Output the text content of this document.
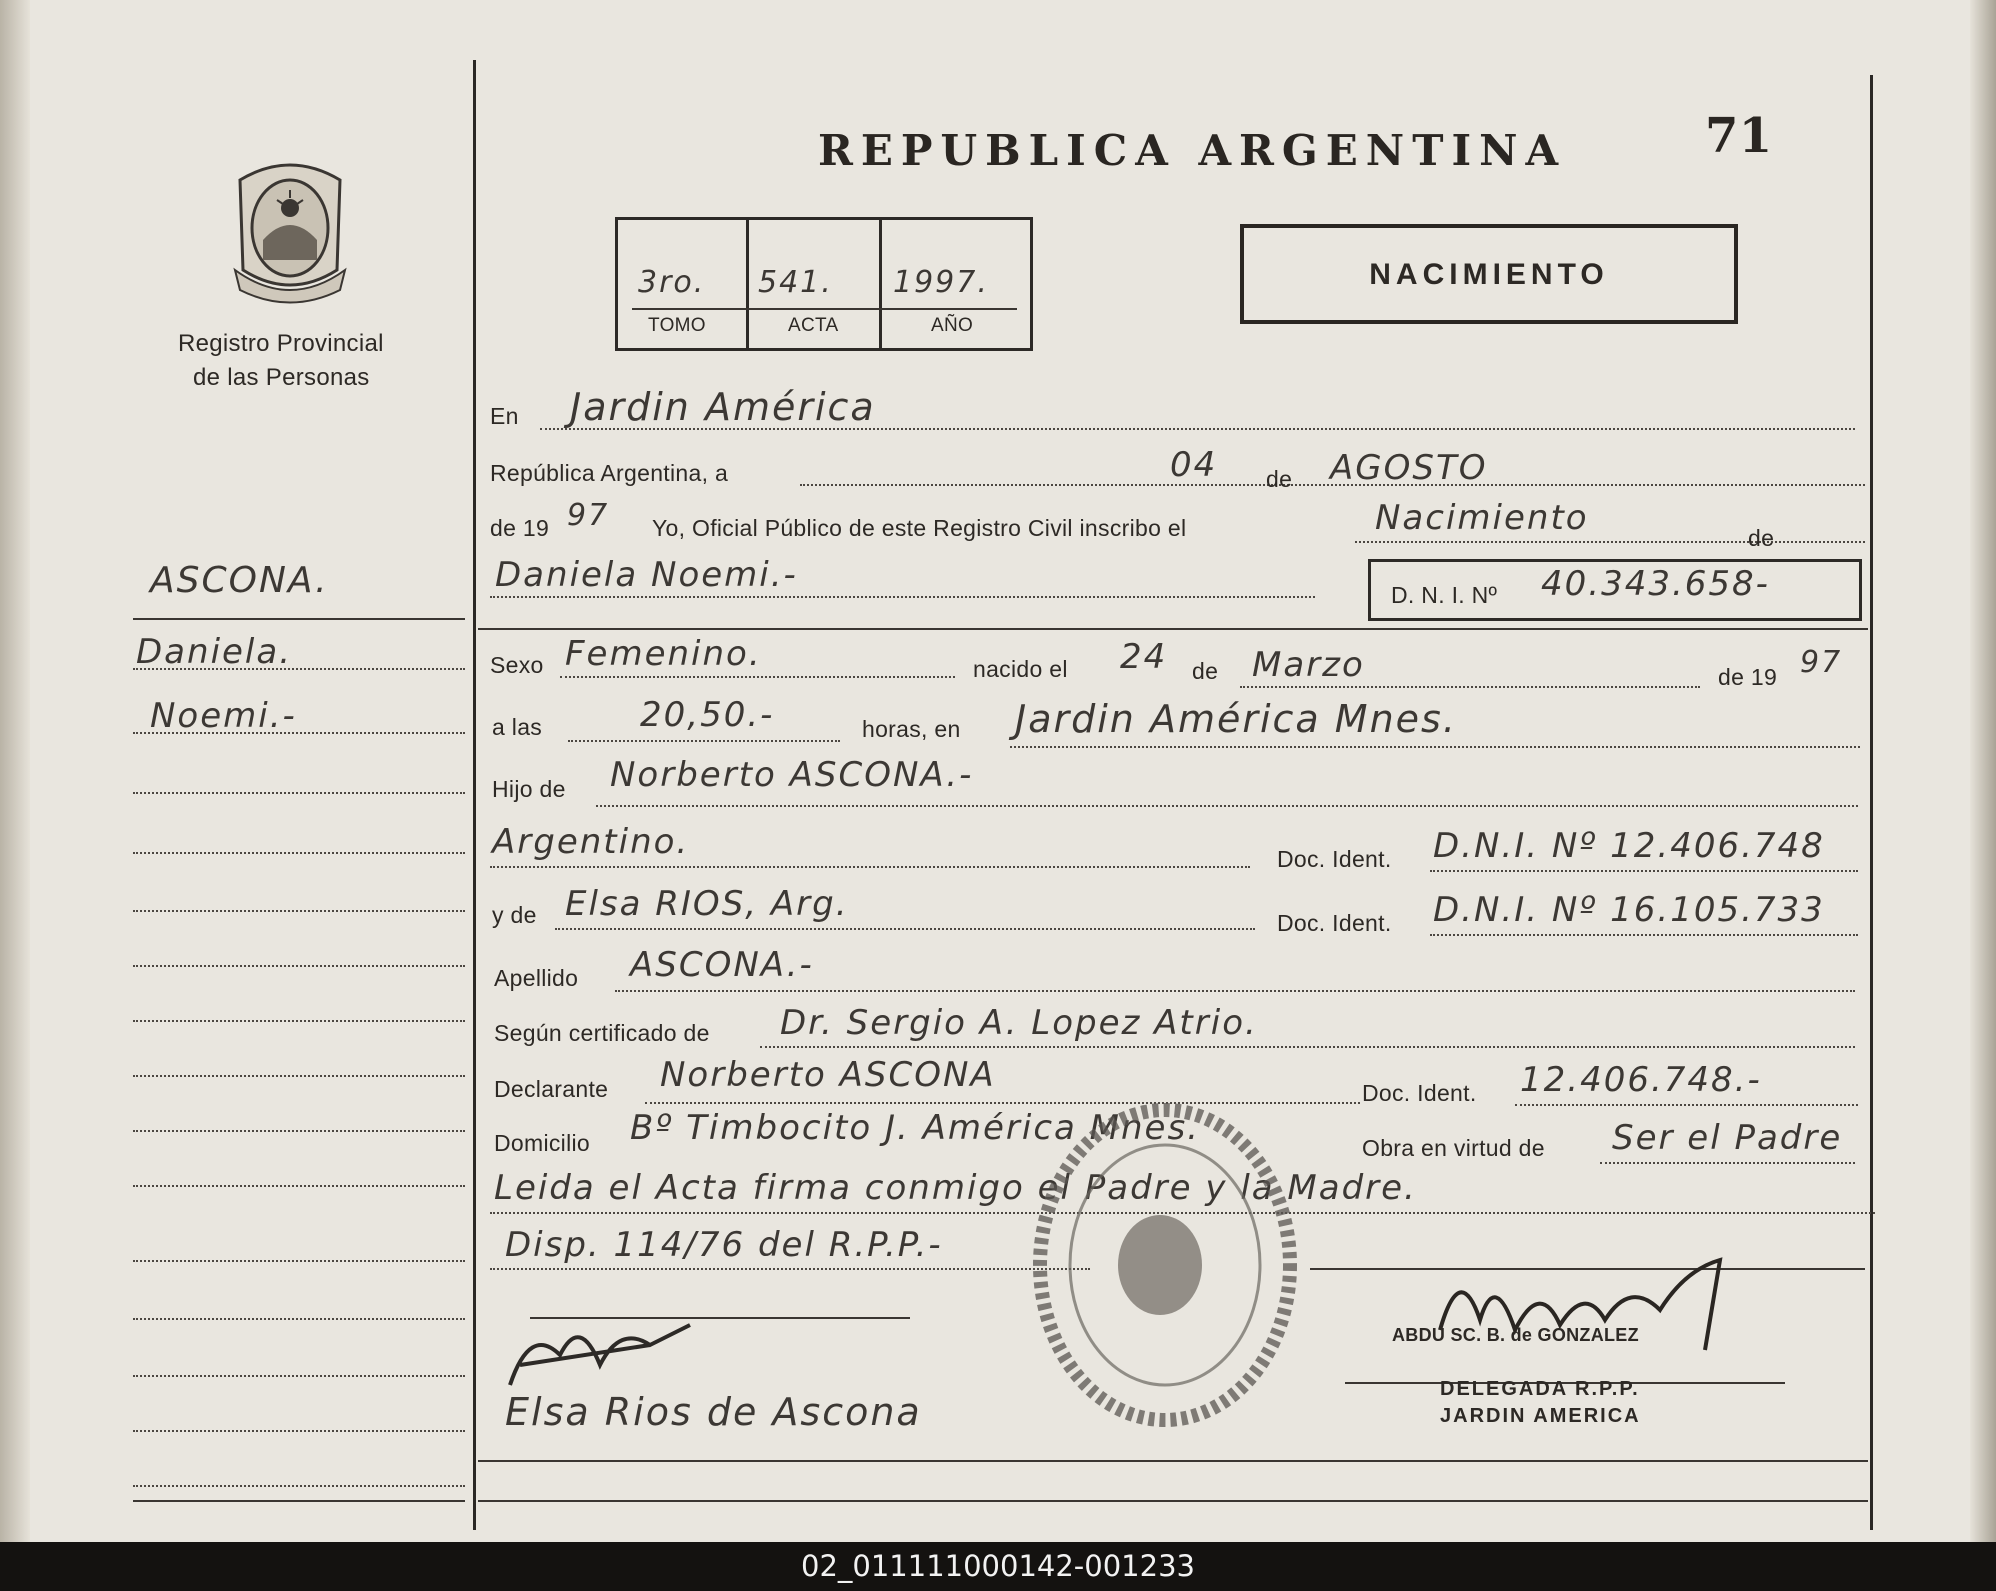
Registro Provincial
de las Personas
ASCONA.
Daniela.
Noemi.-
REPUBLICA ARGENTINA	71
3ro. 541. 1997.
TOMO	ACTA	AÑO
NACIMIENTO
En Jardin América
República Argentina, a	04 de AGOSTO
de 19 97 Yo, Oficial Público de este Registro Civil inscribo el	Nacimiento	de
Daniela Noemi.-	D. N. I. Nº 40.343.658-
Sexo Femenino.	nacido el 24 de Marzo	de 19 97
a las	20,50.-	horas, en Jardin América Mnes.
Hijo de Norberto ASCONA.-
Argentino.	Doc. Ident. D.N.I. Nº 12.406.748
y de Elsa RIOS, Arg.	Doc. Ident. D.N.I. Nº 16.105.733
Apellido ASCONA.-
Según certificado de Dr. Sergio A. Lopez Atrio.
Declarante Norberto ASCONA	Doc. Ident. 12.406.748.-
Domicilio Bº Timbocito J. América Mnes.	Obra en virtud de Ser el Padre
Leida el Acta firma conmigo el Padre y la Madre.
Disp. 114/76 del R.P.P.-
Elsa Rios de Ascona
ABDU SC. B. de GONZALEZ
DELEGADA R.P.P.
JARDIN AMERICA
02_011111000142-001233
